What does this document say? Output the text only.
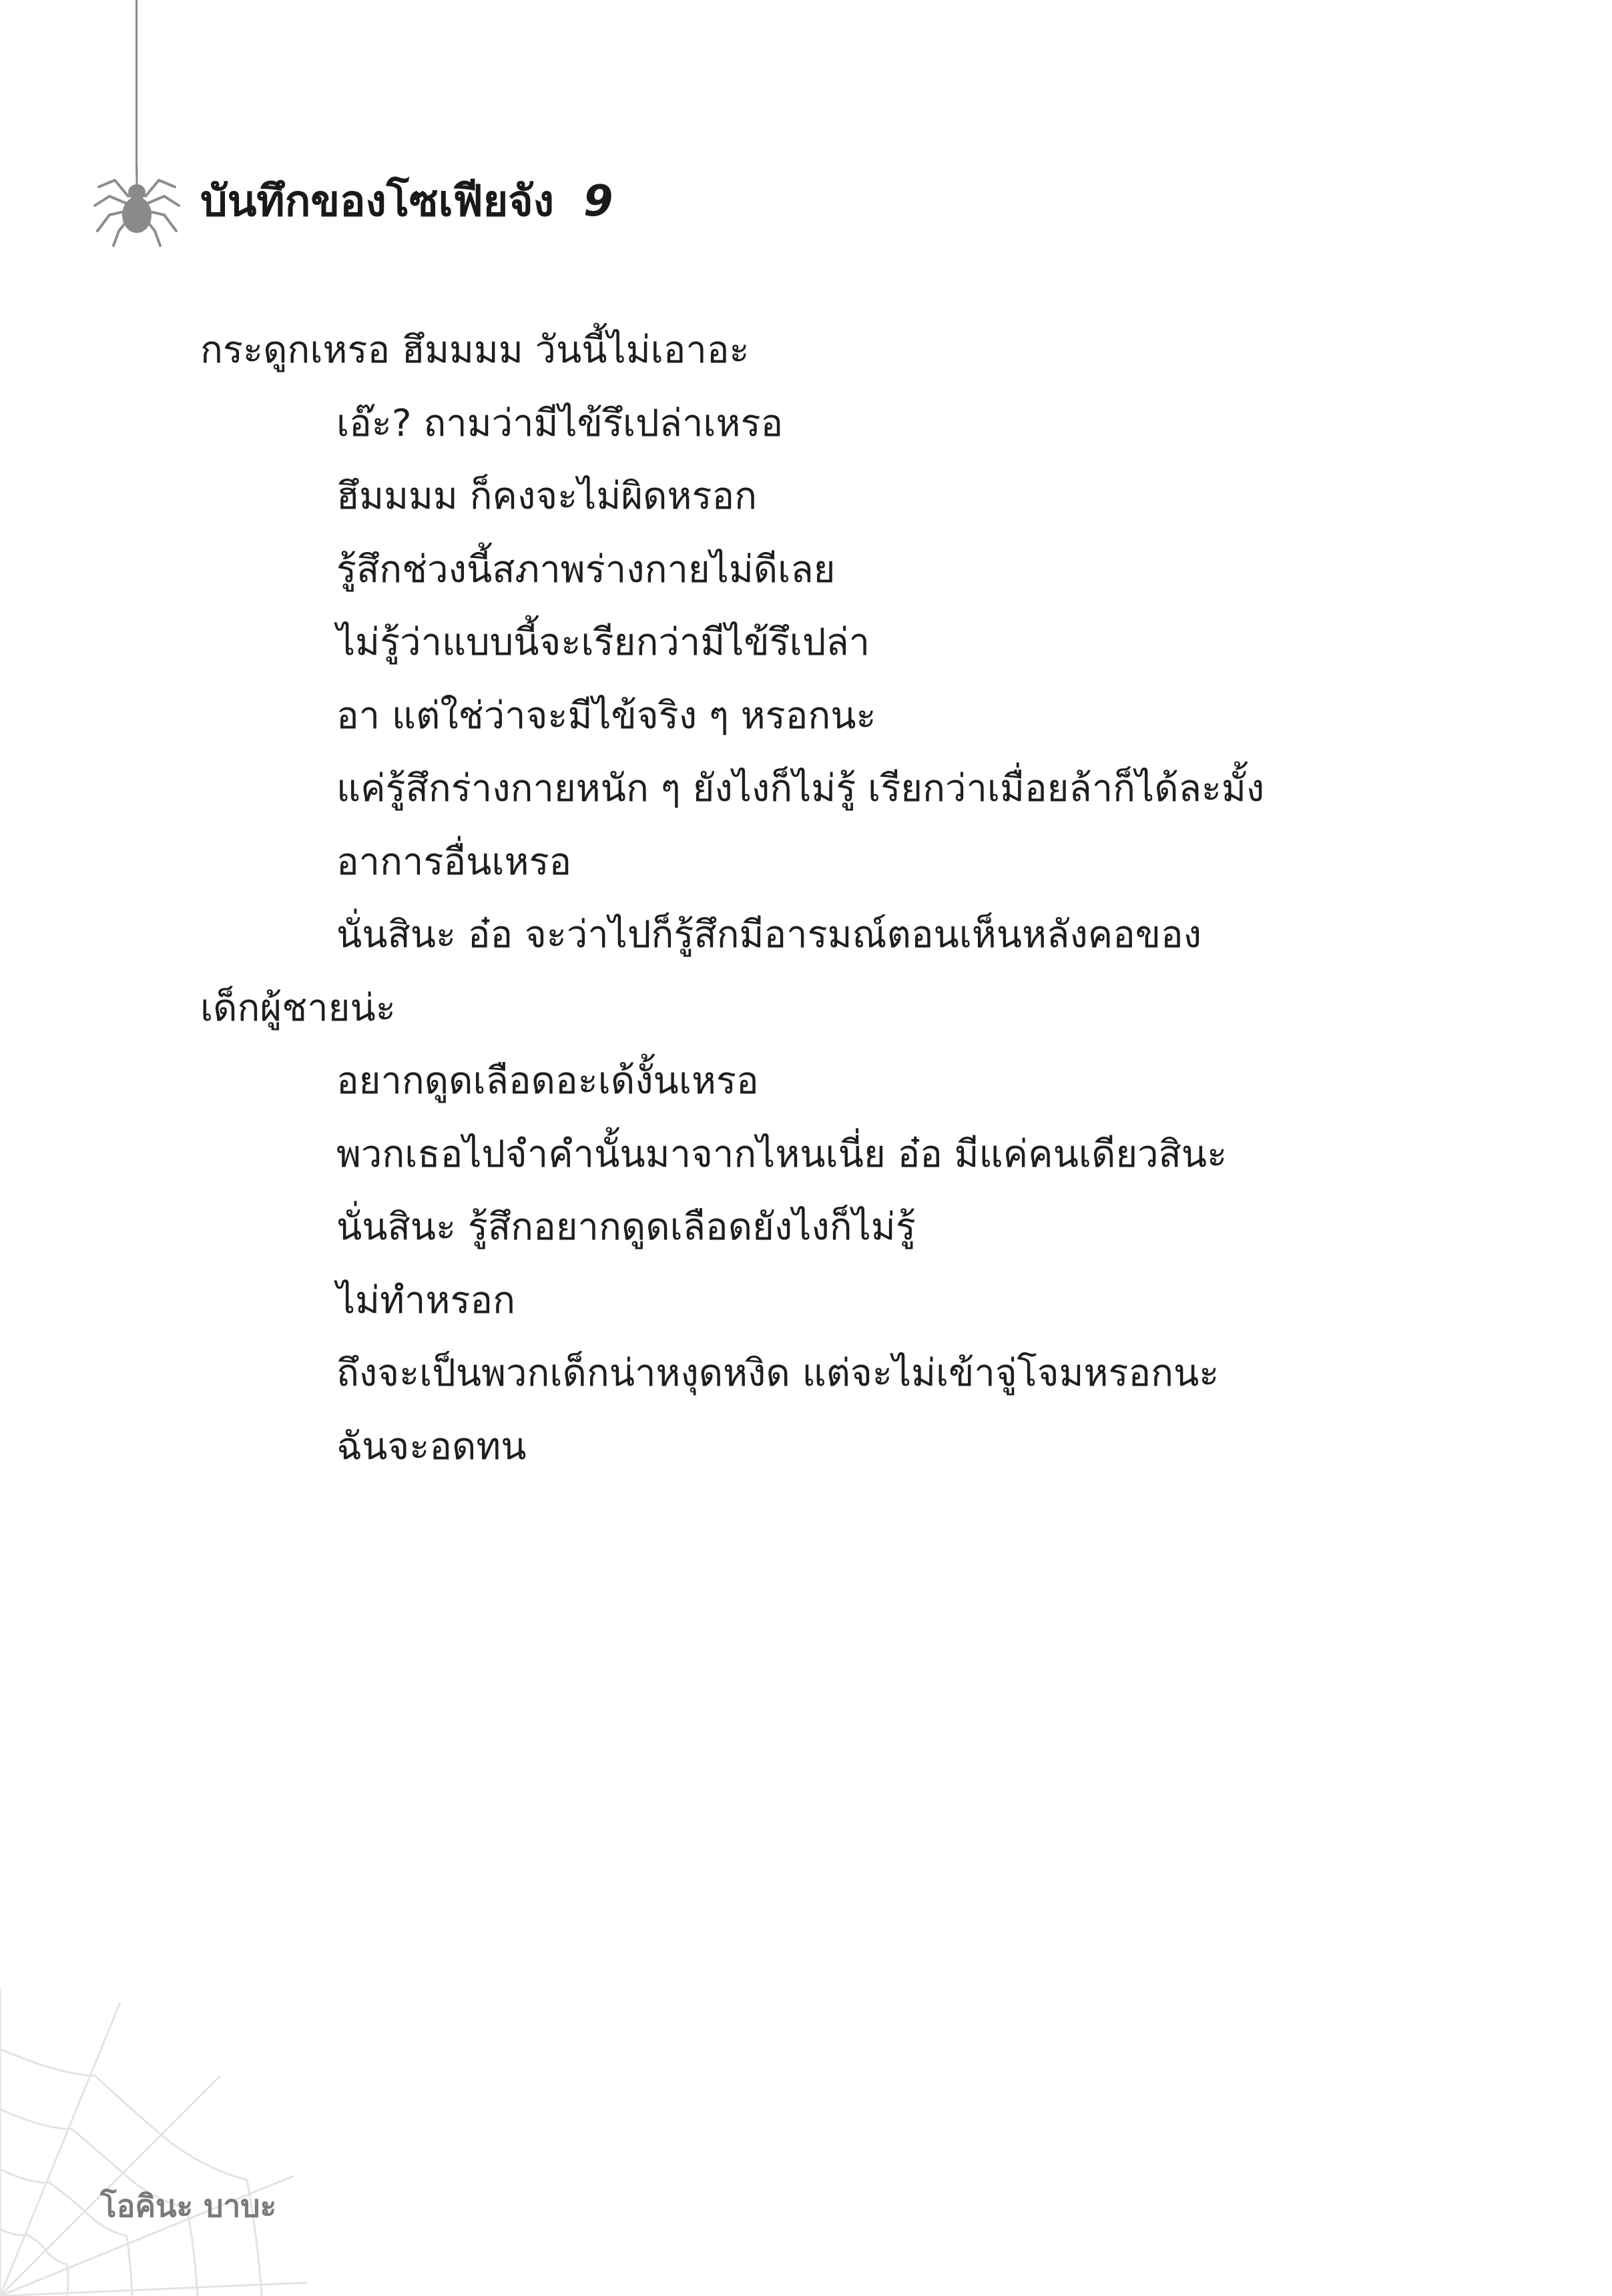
บันทึกของโซเฟียจัง 9
กระดูกเหรอ ฮึมมมม วันนี้ไม่เอาอะ
เอ๊ะ? ถามว่ามีไข้รึเปล่าเหรอ
ฮึมมมม ก็คงจะไม่ผิดหรอก
รู้สึกช่วงนี้สภาพร่างกายไม่ดีเลย
ไม่รู้ว่าแบบนี้จะเรียกว่ามีไข้รึเปล่า
อา แต่ใช่ว่าจะมีไข้จริง ๆ หรอกนะ
แค่รู้สึกร่างกายหนัก ๆ ยังไงก็ไม่รู้ เรียกว่าเมื่อยล้าก็ได้ละมั้ง
อาการอื่นเหรอ
นั่นสินะ อ๋อ จะว่าไปก็รู้สึกมีอารมณ์ตอนเห็นหลังคอของ
เด็กผู้ชายน่ะ
อยากดูดเลือดอะเด้งั้นเหรอ
พวกเธอไปจำคำนั้นมาจากไหนเนี่ย อ๋อ มีแค่คนเดียวสินะ
นั่นสินะ รู้สึกอยากดูดเลือดยังไงก็ไม่รู้
ไม่ทำหรอก
ถึงจะเป็นพวกเด็กน่าหงุดหงิด แต่จะไม่เข้าจู่โจมหรอกนะ
ฉันจะอดทน
โอคินะ บาบะ
